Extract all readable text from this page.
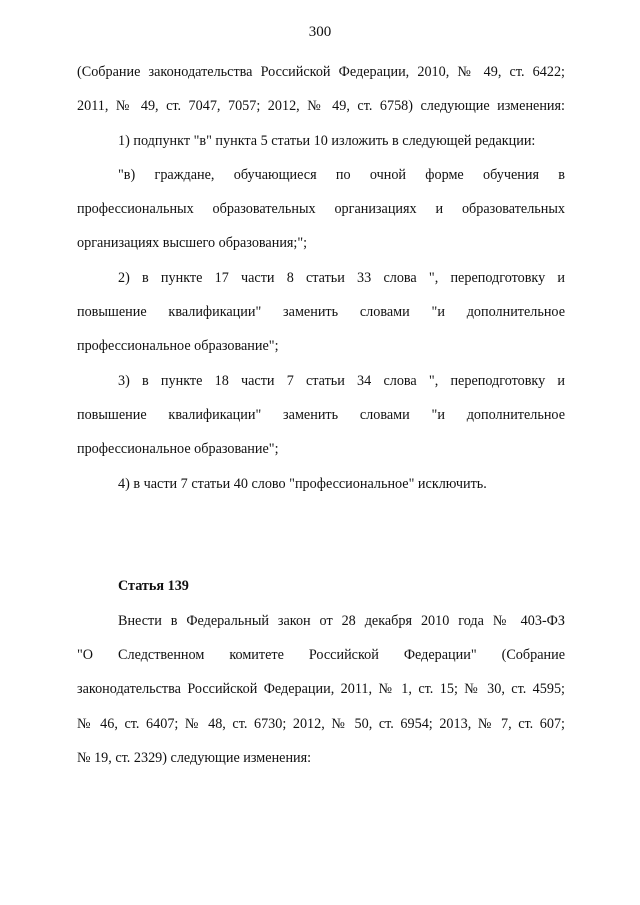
300
(Собрание законодательства Российской Федерации, 2010, № 49, ст. 6422;
2011, № 49, ст. 7047, 7057; 2012, № 49, ст. 6758) следующие изменения:
1) подпункт "в" пункта 5 статьи 10 изложить в следующей редакции:
"в) граждане, обучающиеся по очной форме обучения в
профессиональных образовательных организациях и образовательных
организациях высшего образования;";
2) в пункте 17 части 8 статьи 33 слова ", переподготовку и
повышение квалификации" заменить словами "и дополнительное
профессиональное образование";
3) в пункте 18 части 7 статьи 34 слова ", переподготовку и
повышение квалификации" заменить словами "и дополнительное
профессиональное образование";
4) в части 7 статьи 40 слово "профессиональное" исключить.
Статья 139
Внести в Федеральный закон от 28 декабря 2010 года № 403-ФЗ
"О Следственном комитете Российской Федерации" (Собрание
законодательства Российской Федерации, 2011, № 1, ст. 15; № 30, ст. 4595;
№ 46, ст. 6407; № 48, ст. 6730; 2012, № 50, ст. 6954; 2013, № 7, ст. 607;
№ 19, ст. 2329) следующие изменения:
